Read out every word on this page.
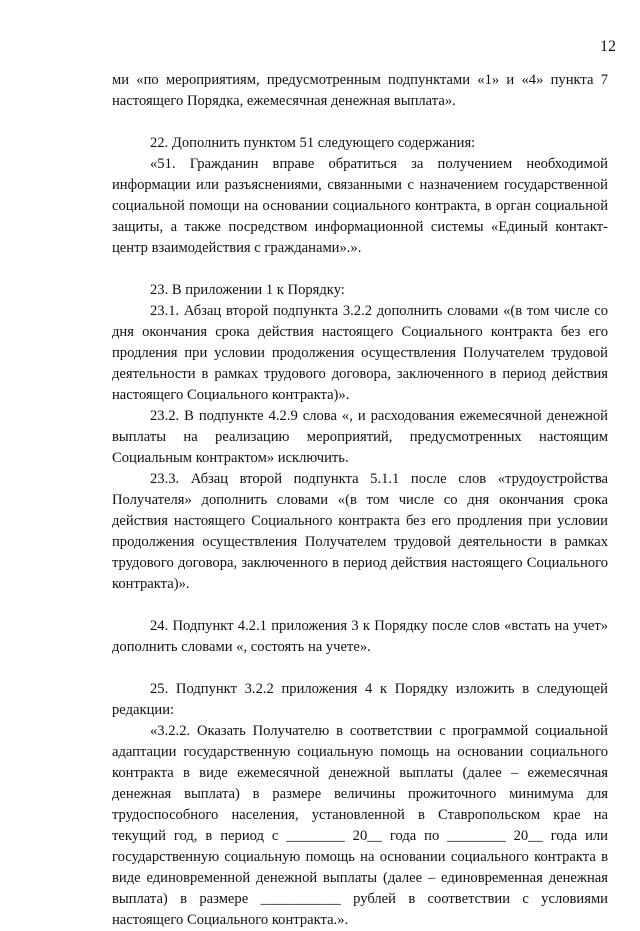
12

ми «по мероприятиям, предусмотренным подпунктами «1» и «4» пункта 7 настоящего Порядка, ежемесячная денежная выплата».

22. Дополнить пунктом 51 следующего содержания:

«51. Гражданин вправе обратиться за получением необходимой информации или разъяснениями, связанными с назначением государственной социальной помощи на основании социального контракта, в орган социальной защиты, а также посредством информационной системы «Единый контакт-центр взаимодействия с гражданами».».

23. В приложении 1 к Порядку:

23.1. Абзац второй подпункта 3.2.2 дополнить словами «(в том числе со дня окончания срока действия настоящего Социального контракта без его продления при условии продолжения осуществления Получателем трудовой деятельности в рамках трудового договора, заключенного в период действия настоящего Социального контракта)».

23.2. В подпункте 4.2.9 слова «, и расходования ежемесячной денежной выплаты на реализацию мероприятий, предусмотренных настоящим Социальным контрактом» исключить.

23.3. Абзац второй подпункта 5.1.1 после слов «трудоустройства Получателя» дополнить словами «(в том числе со дня окончания срока действия настоящего Социального контракта без его продления при условии продолжения осуществления Получателем трудовой деятельности в рамках трудового договора, заключенного в период действия настоящего Социального контракта)».

24. Подпункт 4.2.1 приложения 3 к Порядку после слов «встать на учет» дополнить словами «, состоять на учете».

25. Подпункт 3.2.2 приложения 4 к Порядку изложить в следующей редакции:

«3.2.2. Оказать Получателю в соответствии с программой социальной адаптации государственную социальную помощь на основании социального контракта в виде ежемесячной денежной выплаты (далее – ежемесячная денежная выплата) в размере величины прожиточного минимума для трудоспособного населения, установленной в Ставропольском крае на текущий год, в период с ________ 20__ года по ________ 20__ года или государственную социальную помощь на основании социального контракта в виде единовременной денежной выплаты (далее – единовременная денежная выплата) в размере ___________ рублей в соответствии с условиями настоящего Социального контракта.».
